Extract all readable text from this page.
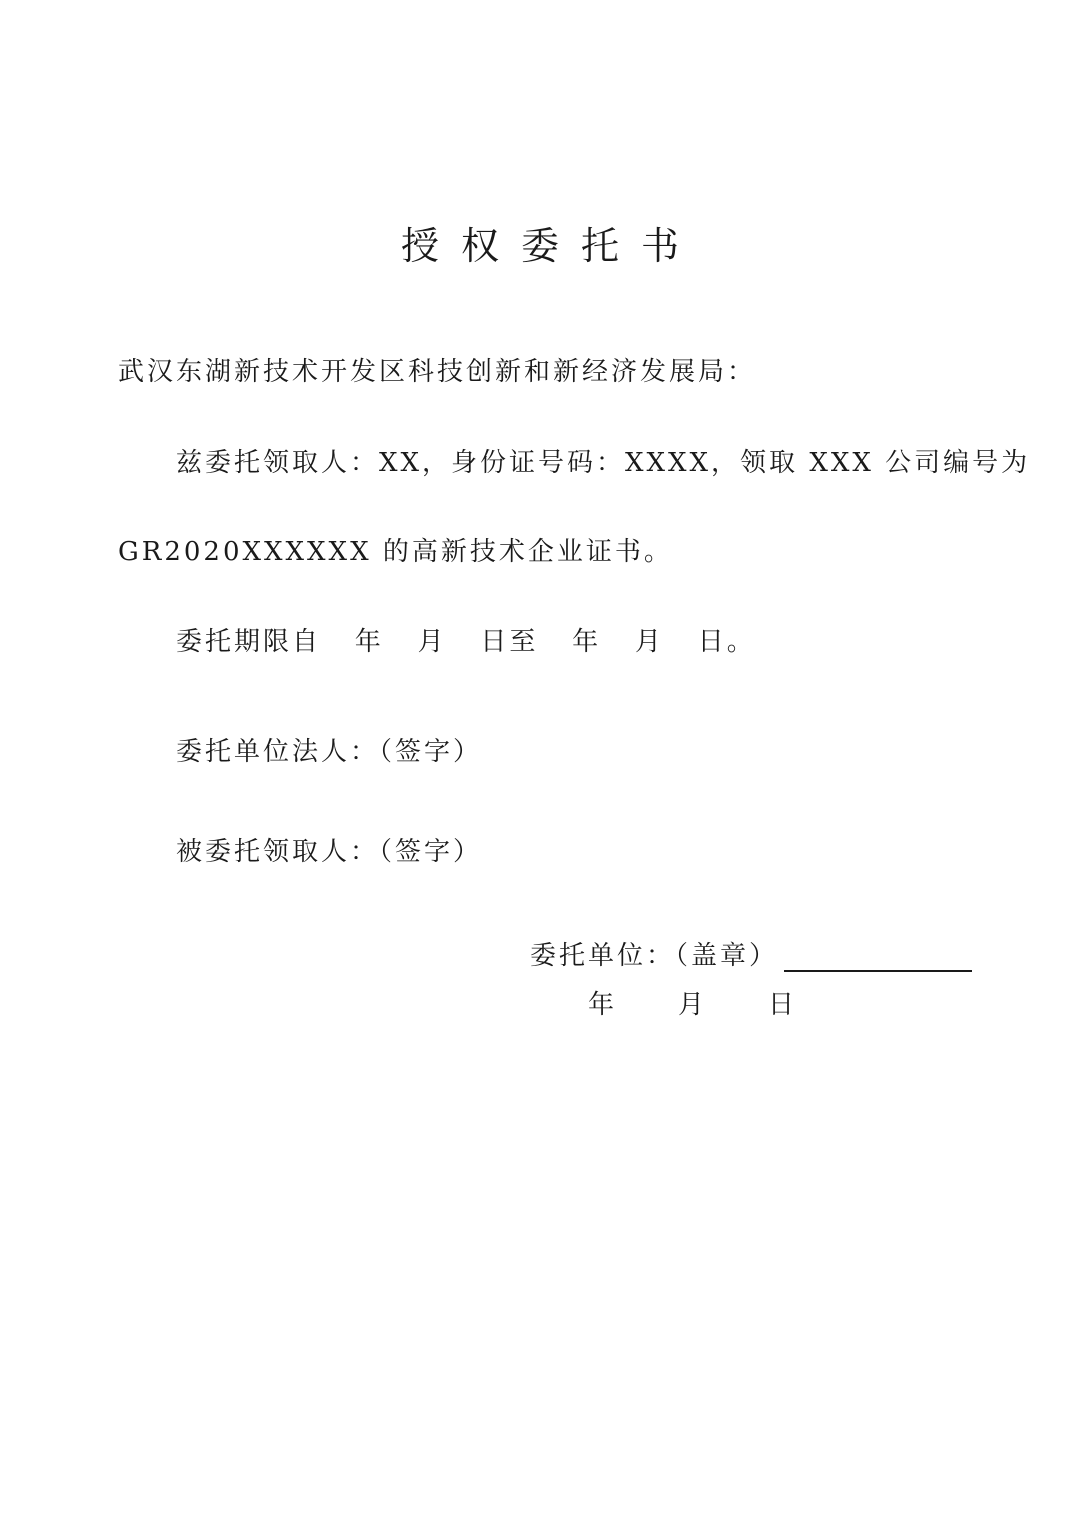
授权委托书
武汉东湖新技术开发区科技创新和新经济发展局：
兹委托领取人：XX，身份证号码：XXXX，领取 XXX 公司编号为
GR2020XXXXXX 的高新技术企业证书。
委托期限自   年   月   日至   年   月   日。
委托单位法人：（签字）
被委托领取人：（签字）
委托单位：（盖章）
年	月	日
